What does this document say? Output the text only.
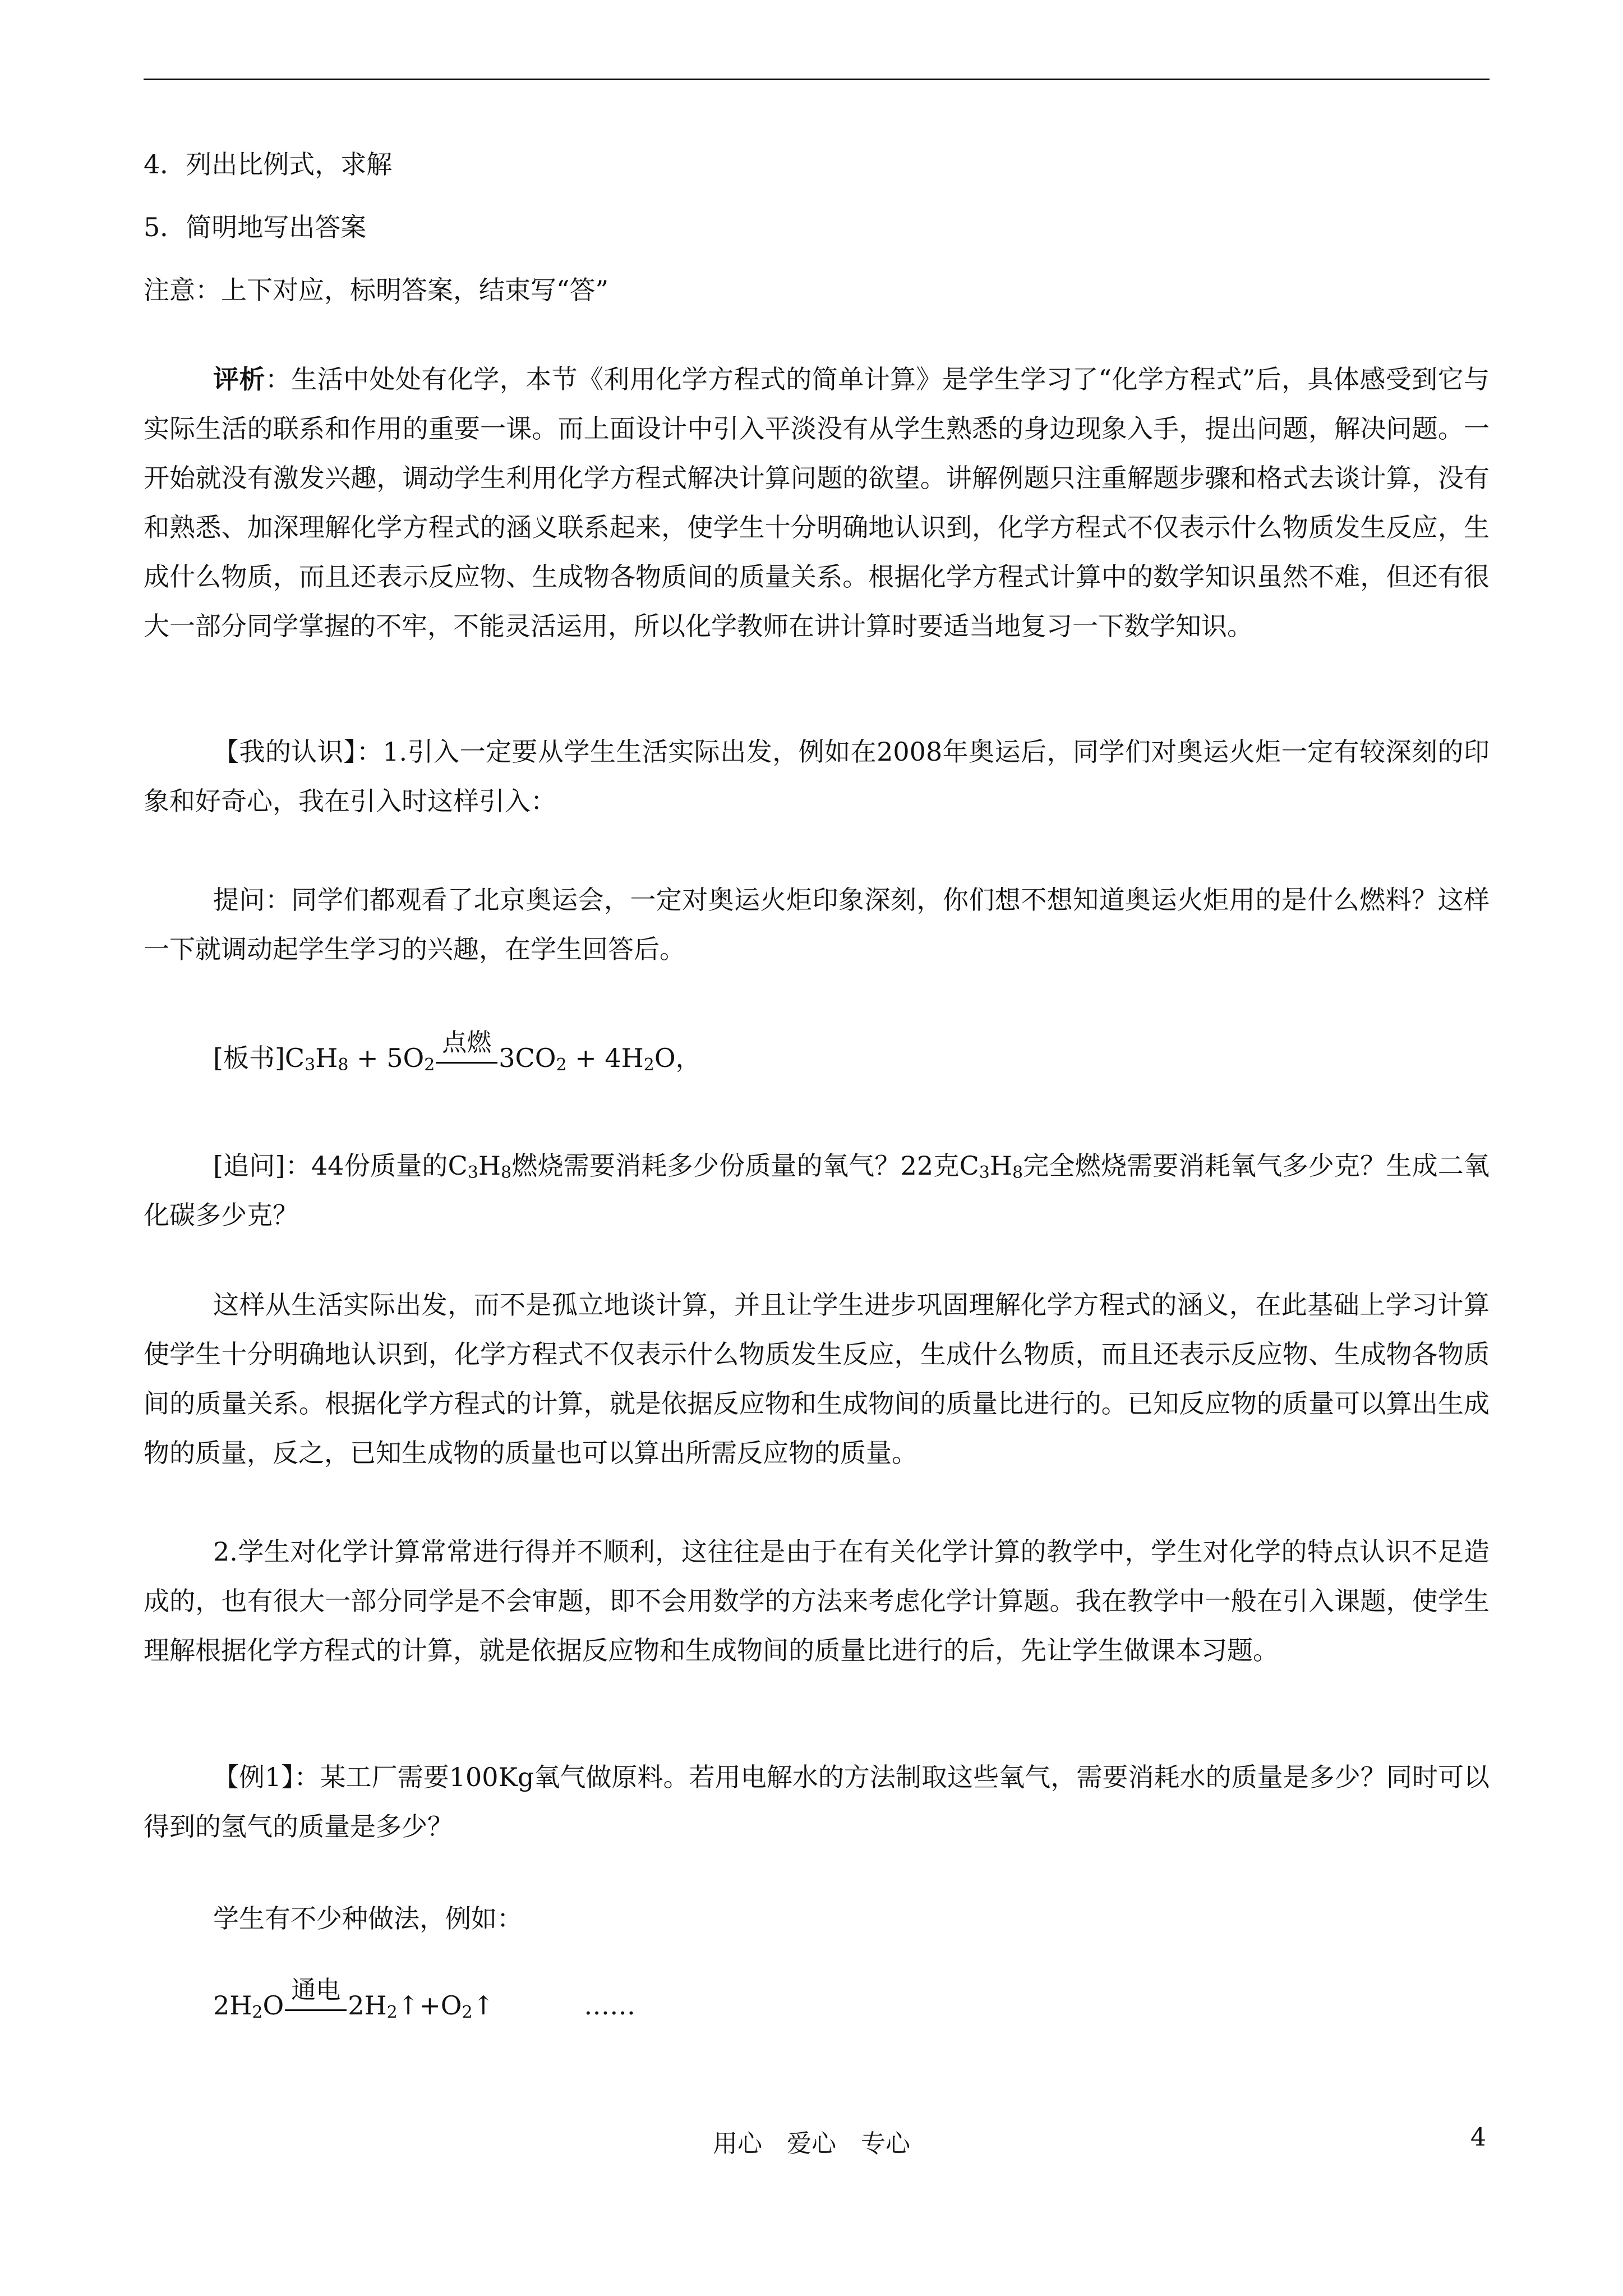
4．列出比例式，求解
5．简明地写出答案
注意：上下对应，标明答案，结束写“答”

评析：生活中处处有化学，本节《利用化学方程式的简单计算》是学生学习了“化学方程式”后，具体感受到它与实际生活的联系和作用的重要一课。而上面设计中引入平淡没有从学生熟悉的身边现象入手，提出问题，解决问题。一开始就没有激发兴趣，调动学生利用化学方程式解决计算问题的欲望。讲解例题只注重解题步骤和格式去谈计算，没有和熟悉、加深理解化学方程式的涵义联系起来，使学生十分明确地认识到，化学方程式不仅表示什么物质发生反应，生成什么物质，而且还表示反应物、生成物各物质间的质量关系。根据化学方程式计算中的数学知识虽然不难，但还有很大一部分同学掌握的不牢，不能灵活运用，所以化学教师在讲计算时要适当地复习一下数学知识。

【我的认识】：1.引入一定要从学生生活实际出发，例如在2008年奥运后，同学们对奥运火炬一定有较深刻的印象和好奇心，我在引入时这样引入：

提问：同学们都观看了北京奥运会，一定对奥运火炬印象深刻，你们想不想知道奥运火炬用的是什么燃料？这样一下就调动起学生学习的兴趣，在学生回答后。

[板书]$C_3H_8 + 5O_2$
点燃
$3CO_2 + 4H_2O$，

[追问]：44份质量的$C_3H_8$燃烧需要消耗多少份质量的氧气？22克$C_3H_8$完全燃烧需要消耗氧气多少克？生成二氧化碳多少克？

这样从生活实际出发，而不是孤立地谈计算，并且让学生进步巩固理解化学方程式的涵义，在此基础上学习计算使学生十分明确地认识到，化学方程式不仅表示什么物质发生反应，生成什么物质，而且还表示反应物、生成物各物质间的质量关系。根据化学方程式的计算，就是依据反应物和生成物间的质量比进行的。已知反应物的质量可以算出生成物的质量，反之，已知生成物的质量也可以算出所需反应物的质量。

2.学生对化学计算常常进行得并不顺利，这往往是由于在有关化学计算的教学中，学生对化学的特点认识不足造成的，也有很大一部分同学是不会审题，即不会用数学的方法来考虑化学计算题。我在教学中一般在引入课题，使学生理解根据化学方程式的计算，就是依据反应物和生成物间的质量比进行的后，先让学生做课本习题。

【例1】：某工厂需要100Kg氧气做原料。若用电解水的方法制取这些氧气，需要消耗水的质量是多少？同时可以得到的氢气的质量是多少？

学生有不少种做法，例如：

$2H_2O$
通电
$2H_2↑+O_2↑$	……
用心　爱心　专心	4
